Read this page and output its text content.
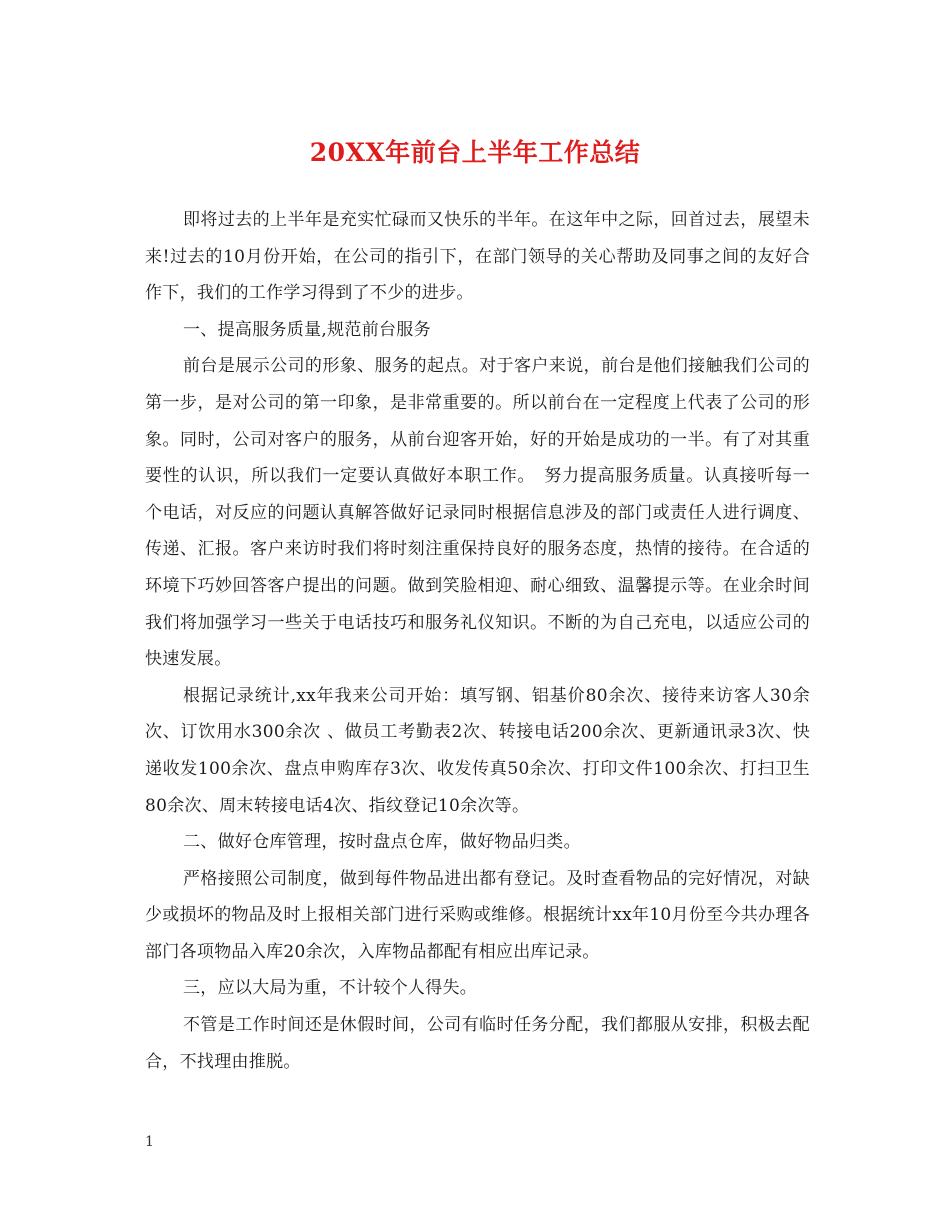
20XX年前台上半年工作总结

即将过去的上半年是充实忙碌而又快乐的半年。在这年中之际，回首过去，展望未来!过去的10月份开始，在公司的指引下，在部门领导的关心帮助及同事之间的友好合作下，我们的工作学习得到了不少的进步。

一、提高服务质量,规范前台服务

前台是展示公司的形象、服务的起点。对于客户来说，前台是他们接触我们公司的第一步，是对公司的第一印象，是非常重要的。所以前台在一定程度上代表了公司的形象。同时，公司对客户的服务，从前台迎客开始，好的开始是成功的一半。有了对其重要性的认识，所以我们一定要认真做好本职工作。　努力提高服务质量。认真接听每一个电话，对反应的问题认真解答做好记录同时根据信息涉及的部门或责任人进行调度、传递、汇报。客户来访时我们将时刻注重保持良好的服务态度，热情的接待。在合适的环境下巧妙回答客户提出的问题。做到笑脸相迎、耐心细致、温馨提示等。在业余时间我们将加强学习一些关于电话技巧和服务礼仪知识。不断的为自己充电，以适应公司的快速发展。

根据记录统计,xx年我来公司开始：填写钢、铝基价80余次、接待来访客人30余次、订饮用水300余次 、做员工考勤表2次、转接电话200余次、更新通讯录3次、快递收发100余次、盘点申购库存3次、收发传真50余次、打印文件100余次、打扫卫生80余次、周末转接电话4次、指纹登记10余次等。

二、做好仓库管理，按时盘点仓库，做好物品归类。

严格接照公司制度，做到每件物品进出都有登记。及时查看物品的完好情况，对缺少或损坏的物品及时上报相关部门进行采购或维修。根据统计xx年10月份至今共办理各部门各项物品入库20余次，入库物品都配有相应出库记录。

三，应以大局为重，不计较个人得失。

不管是工作时间还是休假时间，公司有临时任务分配，我们都服从安排，积极去配合，不找理由推脱。

1
